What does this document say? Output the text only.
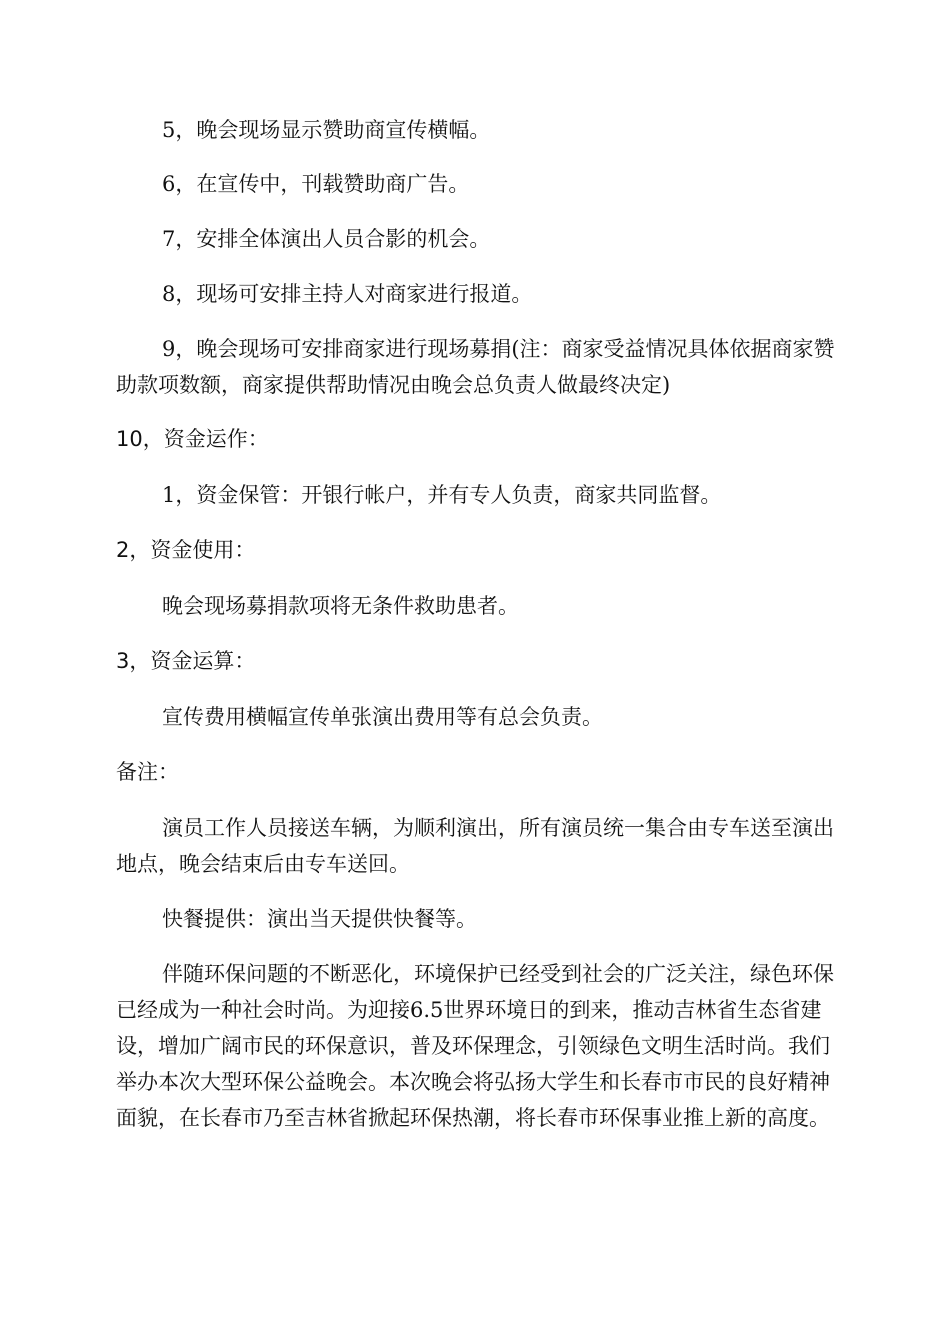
5，晚会现场显示赞助商宣传横幅。

6，在宣传中，刊载赞助商广告。

7，安排全体演出人员合影的机会。

8，现场可安排主持人对商家进行报道。

9，晚会现场可安排商家进行现场募捐(注：商家受益情况具体依据商家赞助款项数额，商家提供帮助情况由晚会总负责人做最终决定)

10，资金运作：

1，资金保管：开银行帐户，并有专人负责，商家共同监督。

2，资金使用：

晚会现场募捐款项将无条件救助患者。

3，资金运算：

宣传费用横幅宣传单张演出费用等有总会负责。

备注：

演员工作人员接送车辆，为顺利演出，所有演员统一集合由专车送至演出地点，晚会结束后由专车送回。

快餐提供：演出当天提供快餐等。

伴随环保问题的不断恶化，环境保护已经受到社会的广泛关注，绿色环保已经成为一种社会时尚。为迎接6.5世界环境日的到来，推动吉林省生态省建设，增加广阔市民的环保意识，普及环保理念，引领绿色文明生活时尚。我们举办本次大型环保公益晚会。本次晚会将弘扬大学生和长春市市民的良好精神面貌，在长春市乃至吉林省掀起环保热潮，将长春市环保事业推上新的高度。
